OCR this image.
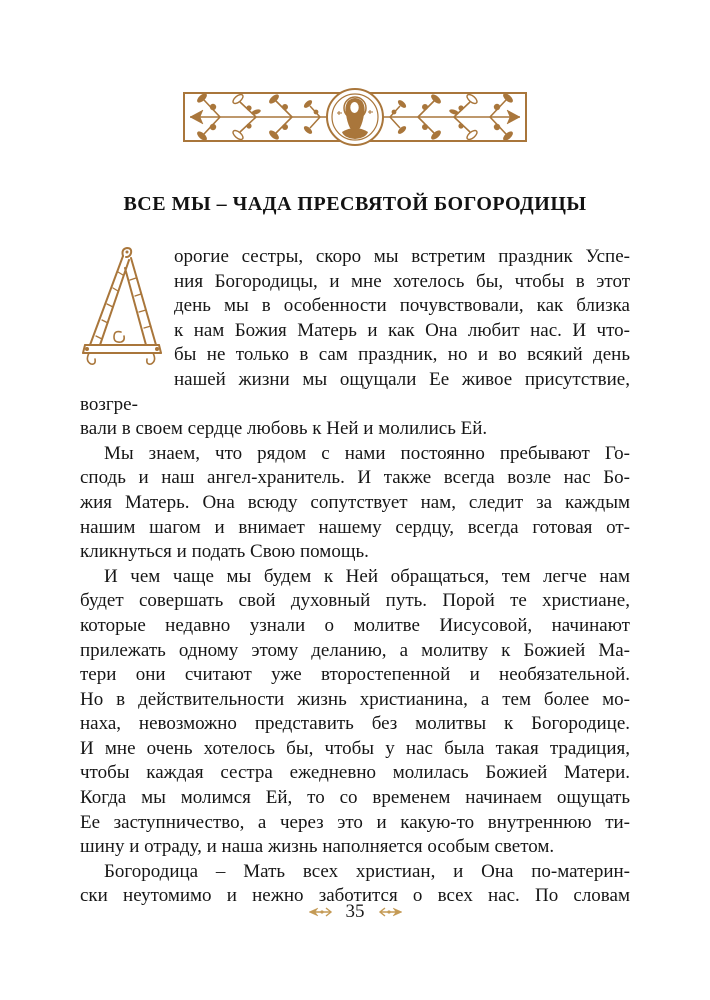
ВСЕ МЫ – ЧАДА ПРЕСВЯТОЙ БОГОРОДИЦЫ
орогие сестры, скоро мы встретим праздник Успе-
ния Богородицы, и мне хотелось бы, чтобы в этот
день мы в особенности почувствовали, как близка
к нам Божия Матерь и как Она любит нас. И что-
бы не только в сам праздник, но и во всякий день
нашей жизни мы ощущали Ее живое присутствие, возгре-
вали в своем сердце любовь к Ней и молились Ей.
Мы знаем, что рядом с нами постоянно пребывают Го-
сподь и наш ангел-хранитель. И также всегда возле нас Бо-
жия Матерь. Она всюду сопутствует нам, следит за каждым
нашим шагом и внимает нашему сердцу, всегда готовая от-
кликнуться и подать Свою помощь.
И чем чаще мы будем к Ней обращаться, тем легче нам
будет совершать свой духовный путь. Порой те христиане,
которые недавно узнали о молитве Иисусовой, начинают
прилежать одному этому деланию, а молитву к Божией Ма-
тери они считают уже второстепенной и необязательной.
Но в действительности жизнь христианина, а тем более мо-
наха, невозможно представить без молитвы к Богородице.
И мне очень хотелось бы, чтобы у нас была такая традиция,
чтобы каждая сестра ежедневно молилась Божией Матери.
Когда мы молимся Ей, то со временем начинаем ощущать
Ее заступничество, а через это и какую-то внутреннюю ти-
шину и отраду, и наша жизнь наполняется особым светом.
Богородица – Мать всех христиан, и Она по-материн-
ски неутомимо и нежно заботится о всех нас. По словам
35
